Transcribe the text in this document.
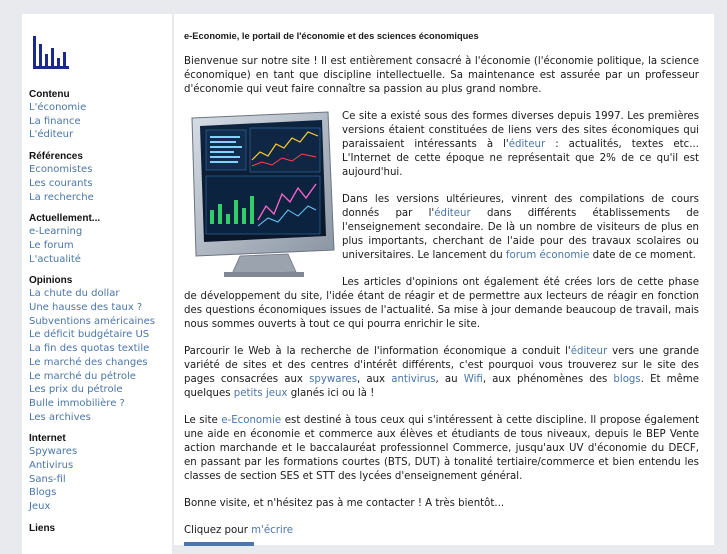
Contenu
L'économie
La finance
L'éditeur
Références
Economistes
Les courants
La recherche
Actuellement...
e-Learning
Le forum
L'actualité
Opinions
La chute du dollar
Une hausse des taux ?
Subventions américaines
Le déficit budgétaire US
La fin des quotas textile
Le marché des changes
Le marché du pétrole
Les prix du pétrole
Bulle immobilière ?
Les archives
Internet
Spywares
Antivirus
Sans-fil
Blogs
Jeux
Liens
e-Economie, le portail de l'économie et des sciences économiques

Bienvenue sur notre site ! Il est entièrement consacré à l'économie (l'économie politique, la science économique) en tant que discipline intellectuelle. Sa maintenance est assurée par un professeur d'économie qui veut faire connaître sa passion au plus grand nombre.

Ce site a existé sous des formes diverses depuis 1997. Les premières versions étaient constituées de liens vers des sites économiques qui paraissaient intéressants à l'éditeur : actualités, textes etc... L'Internet de cette époque ne représentait que 2% de ce qu'il est aujourd'hui.

Dans les versions ultérieures, vinrent des compilations de cours donnés par l'éditeur dans différents établissements de l'enseignement secondaire. De là un nombre de visiteurs de plus en plus importants, cherchant de l'aide pour des travaux scolaires ou universitaires. Le lancement du forum économie date de ce moment.

Les articles d'opinions ont également été crées lors de cette phase de développement du site, l'idée étant de réagir et de permettre aux lecteurs de réagir en fonction des questions économiques issues de l'actualité. Sa mise à jour demande beaucoup de travail, mais nous sommes ouverts à tout ce qui pourra enrichir le site.

Parcourir le Web à la recherche de l'information économique a conduit l'éditeur vers une grande variété de sites et des centres d'intérêt différents, c'est pourquoi vous trouverez sur le site des pages consacrées aux spywares, aux antivirus, au Wifi, aux phénomènes des blogs. Et même quelques petits jeux glanés ici ou là !

Le site e-Economie est destiné à tous ceux qui s'intéressent à cette discipline. Il propose également une aide en économie et commerce aux élèves et étudiants de tous niveaux, depuis le BEP Vente action marchande et le baccalauréat professionnel Commerce, jusqu'aux UV d'économie du DECF, en passant par les formations courtes (BTS, DUT) à tonalité tertiaire/commerce et bien entendu les classes de section SES et STT des lycées d'enseignement général.

Bonne visite, et n'hésitez pas à me contacter ! A très bientôt...

Cliquez pour m'écrire
